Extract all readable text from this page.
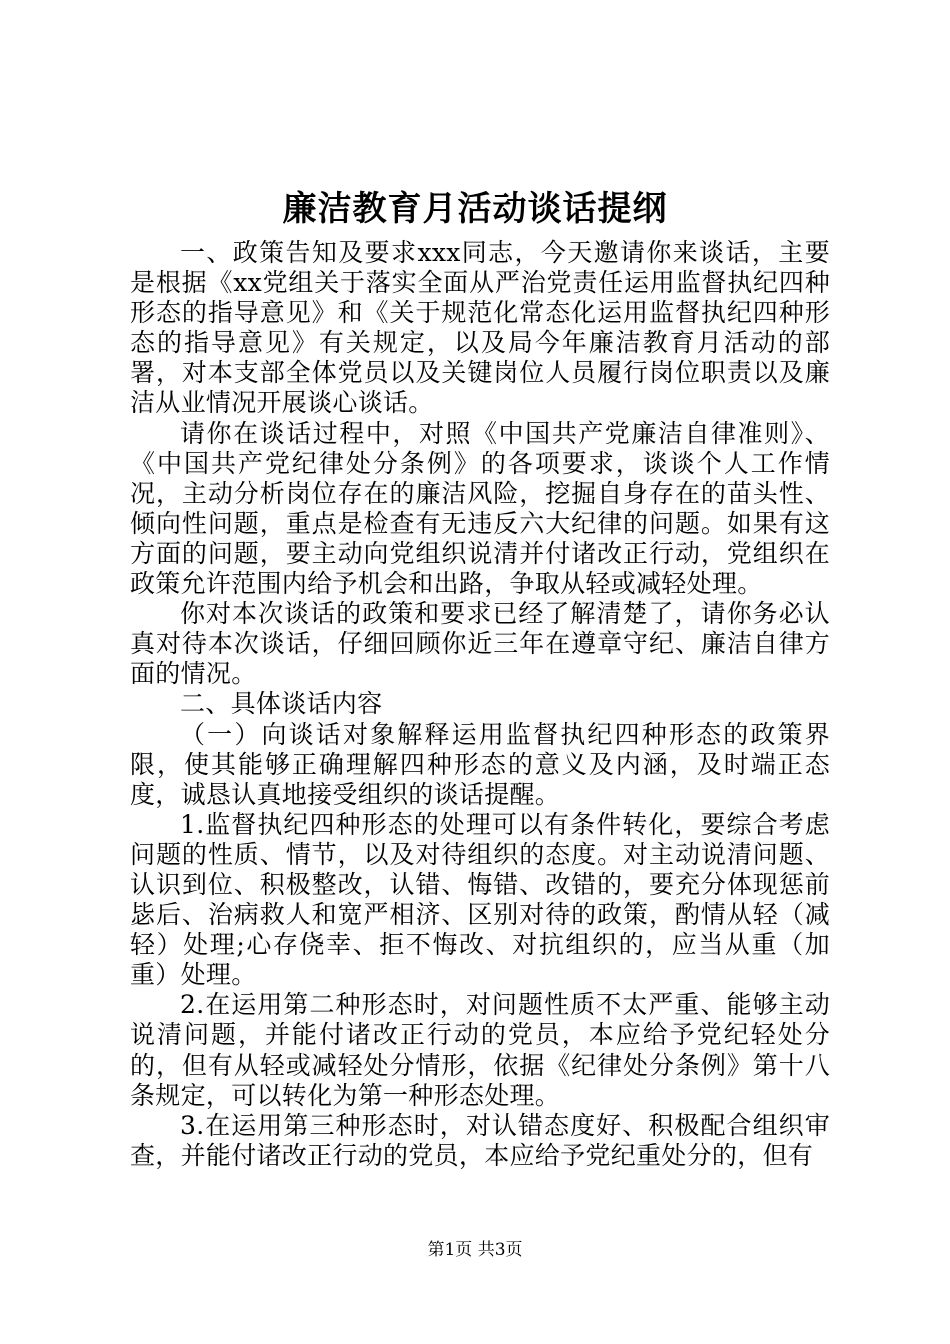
廉洁教育月活动谈话提纲

一、政策告知及要求xxx同志，今天邀请你来谈话，主要是根据《xx党组关于落实全面从严治党责任运用监督执纪四种形态的指导意见》和《关于规范化常态化运用监督执纪四种形态的指导意见》有关规定，以及局今年廉洁教育月活动的部署，对本支部全体党员以及关键岗位人员履行岗位职责以及廉洁从业情况开展谈心谈话。

请你在谈话过程中，对照《中国共产党廉洁自律准则》、《中国共产党纪律处分条例》的各项要求，谈谈个人工作情况，主动分析岗位存在的廉洁风险，挖掘自身存在的苗头性、倾向性问题，重点是检查有无违反六大纪律的问题。如果有这方面的问题，要主动向党组织说清并付诸改正行动，党组织在政策允许范围内给予机会和出路，争取从轻或减轻处理。

你对本次谈话的政策和要求已经了解清楚了，请你务必认真对待本次谈话，仔细回顾你近三年在遵章守纪、廉洁自律方面的情况。

二、具体谈话内容

（一）向谈话对象解释运用监督执纪四种形态的政策界限，使其能够正确理解四种形态的意义及内涵，及时端正态度，诚恳认真地接受组织的谈话提醒。

1.监督执纪四种形态的处理可以有条件转化，要综合考虑问题的性质、情节，以及对待组织的态度。对主动说清问题、认识到位、积极整改，认错、悔错、改错的，要充分体现惩前毖后、治病救人和宽严相济、区别对待的政策，酌情从轻（减轻）处理;心存侥幸、拒不悔改、对抗组织的，应当从重（加重）处理。

2.在运用第二种形态时，对问题性质不太严重、能够主动说清问题，并能付诸改正行动的党员，本应给予党纪轻处分的，但有从轻或减轻处分情形，依据《纪律处分条例》第十八条规定，可以转化为第一种形态处理。

3.在运用第三种形态时，对认错态度好、积极配合组织审查，并能付诸改正行动的党员，本应给予党纪重处分的，但有

第1页 共3页
